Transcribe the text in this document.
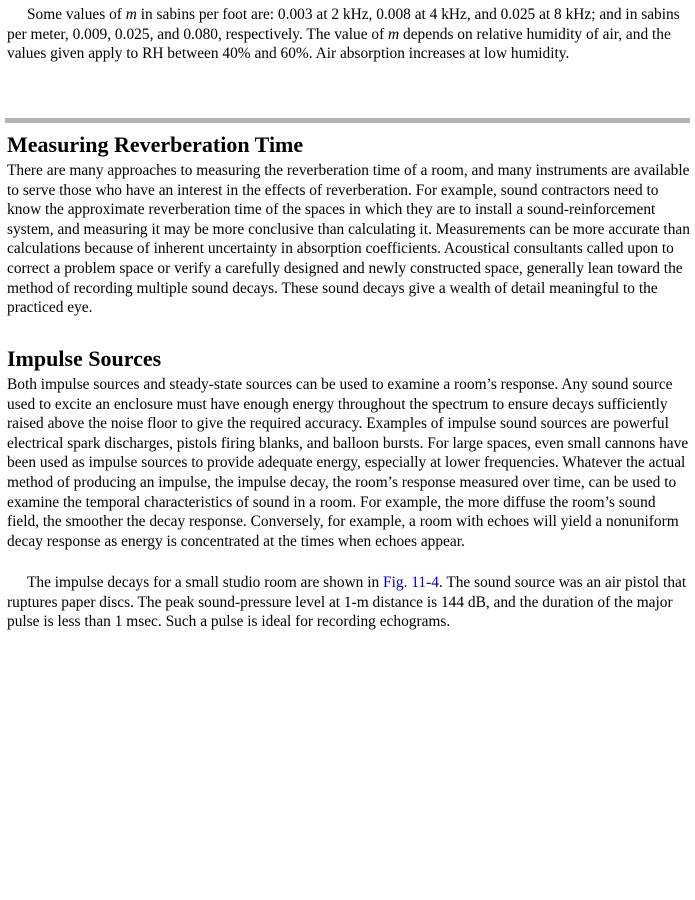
Some values of m in sabins per foot are: 0.003 at 2 kHz, 0.008 at 4 kHz, and 0.025 at 8 kHz; and in sabins per meter, 0.009, 0.025, and 0.080, respectively. The value of m depends on relative humidity of air, and the values given apply to RH between 40% and 60%. Air absorption increases at low humidity.

Measuring Reverberation Time

There are many approaches to measuring the reverberation time of a room, and many instruments are available to serve those who have an interest in the effects of reverberation. For example, sound contractors need to know the approximate reverberation time of the spaces in which they are to install a sound-reinforcement system, and measuring it may be more conclusive than calculating it. Measurements can be more accurate than calculations because of inherent uncertainty in absorption coefficients. Acoustical consultants called upon to correct a problem space or verify a carefully designed and newly constructed space, generally lean toward the method of recording multiple sound decays. These sound decays give a wealth of detail meaningful to the practiced eye.

Impulse Sources

Both impulse sources and steady-state sources can be used to examine a room’s response. Any sound source used to excite an enclosure must have enough energy throughout the spectrum to ensure decays sufficiently raised above the noise floor to give the required accuracy. Examples of impulse sound sources are powerful electrical spark discharges, pistols firing blanks, and balloon bursts. For large spaces, even small cannons have been used as impulse sources to provide adequate energy, especially at lower frequencies. Whatever the actual method of producing an impulse, the impulse decay, the room’s response measured over time, can be used to examine the temporal characteristics of sound in a room. For example, the more diffuse the room’s sound field, the smoother the decay response. Conversely, for example, a room with echoes will yield a nonuniform decay response as energy is concentrated at the times when echoes appear.

The impulse decays for a small studio room are shown in Fig. 11-4. The sound source was an air pistol that ruptures paper discs. The peak sound-pressure level at 1-m distance is 144 dB, and the duration of the major pulse is less than 1 msec. Such a pulse is ideal for recording echograms.
